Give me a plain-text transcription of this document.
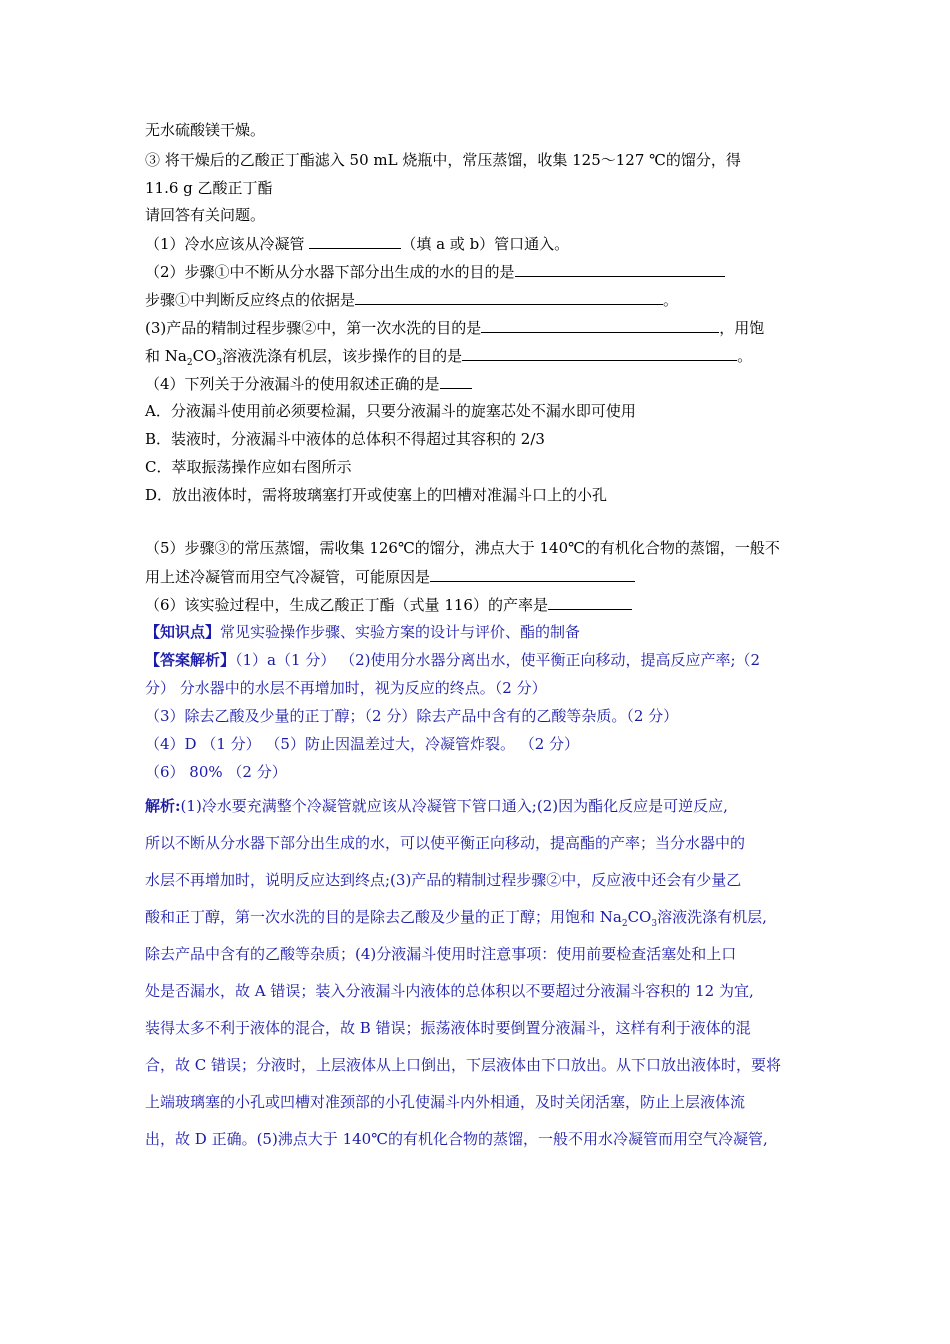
无水硫酸镁干燥。
③ 将干燥后的乙酸正丁酯滤入 50 mL 烧瓶中，常压蒸馏，收集 125～127 ℃的馏分，得
11.6 g 乙酸正丁酯
请回答有关问题。
（1）冷水应该从冷凝管	（填 a 或 b）管口通入。
（2）步骤①中不断从分水器下部分出生成的水的目的是
步骤①中判断反应终点的依据是	。
(3)产品的精制过程步骤②中，第一次水洗的目的是	，用饱
和 $Na_2CO_3$溶液洗涤有机层，该步操作的目的是	。
（4）下列关于分液漏斗的使用叙述正确的是
A．分液漏斗使用前必须要检漏，只要分液漏斗的旋塞芯处不漏水即可使用
B．装液时，分液漏斗中液体的总体积不得超过其容积的 2/3
C．萃取振荡操作应如右图所示
D．放出液体时，需将玻璃塞打开或使塞上的凹槽对准漏斗口上的小孔
（5）步骤③的常压蒸馏，需收集 126℃的馏分，沸点大于 140℃的有机化合物的蒸馏，一般不
用上述冷凝管而用空气冷凝管，可能原因是
（6）该实验过程中，生成乙酸正丁酯（式量 116）的产率是
【知识点】常见实验操作步骤、实验方案的设计与评价、酯的制备
【答案解析】（1）a（1 分） （2)使用分水器分离出水，使平衡正向移动，提高反应产率;（2
分） 分水器中的水层不再增加时，视为反应的终点。（2 分）
（3）除去乙酸及少量的正丁醇；（2 分）除去产品中含有的乙酸等杂质。（2 分）
（4）D （1 分） （5）防止因温差过大，冷凝管炸裂。 （2 分）
（6） 80% （2 分）
解析:(1)冷水要充满整个冷凝管就应该从冷凝管下管口通入;(2)因为酯化反应是可逆反应,
所以不断从分水器下部分出生成的水，可以使平衡正向移动，提高酯的产率；当分水器中的
水层不再增加时，说明反应达到终点;(3)产品的精制过程步骤②中，反应液中还会有少量乙
酸和正丁醇，第一次水洗的目的是除去乙酸及少量的正丁醇；用饱和 $Na_2CO_3$溶液洗涤有机层,
除去产品中含有的乙酸等杂质；(4)分液漏斗使用时注意事项：使用前要检查活塞处和上口
处是否漏水，故 A 错误；装入分液漏斗内液体的总体积以不要超过分液漏斗容积的 12 为宜,
装得太多不利于液体的混合，故 B 错误；振荡液体时要倒置分液漏斗，这样有利于液体的混
合，故 C 错误；分液时，上层液体从上口倒出，下层液体由下口放出。从下口放出液体时，要将
上端玻璃塞的小孔或凹槽对准颈部的小孔使漏斗内外相通，及时关闭活塞，防止上层液体流
出，故 D 正确。(5)沸点大于 140℃的有机化合物的蒸馏，一般不用水冷凝管而用空气冷凝管,
